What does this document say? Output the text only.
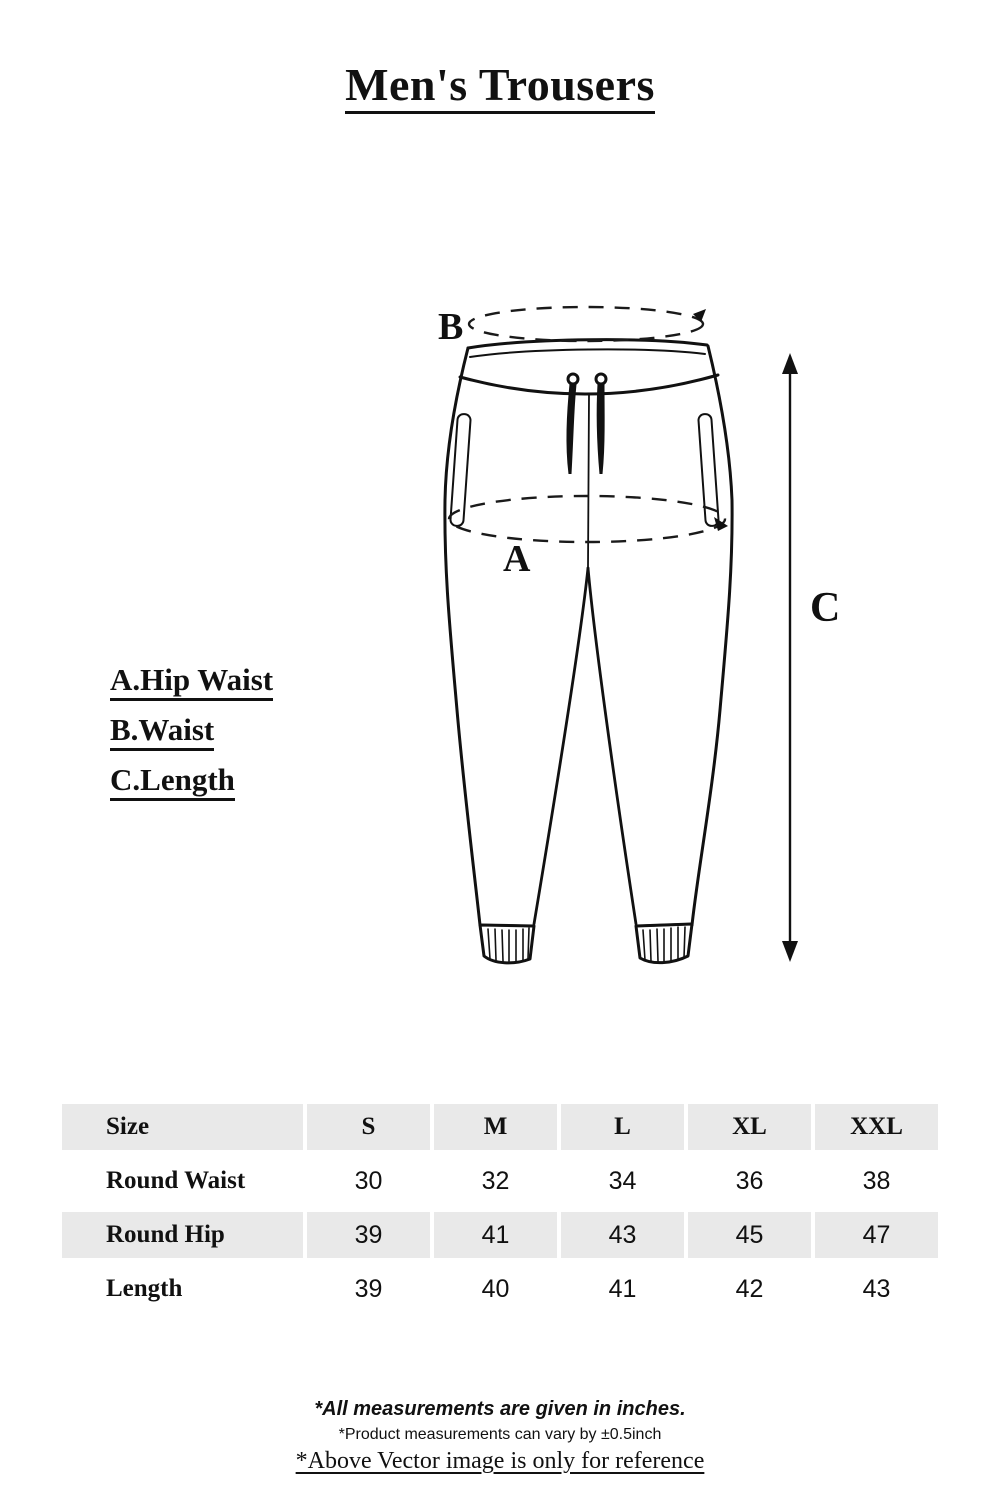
Men's Trousers
B
A
C
A.Hip Waist
B.Waist
C.Length
Size	S	M	L	XL	XXL
Round Waist	30	32	34	36	38
Round Hip	39	41	43	45	47
Length	39	40	41	42	43
*All measurements are given in inches.
*Product measurements can vary by ±0.5inch
*Above Vector image is only for reference
